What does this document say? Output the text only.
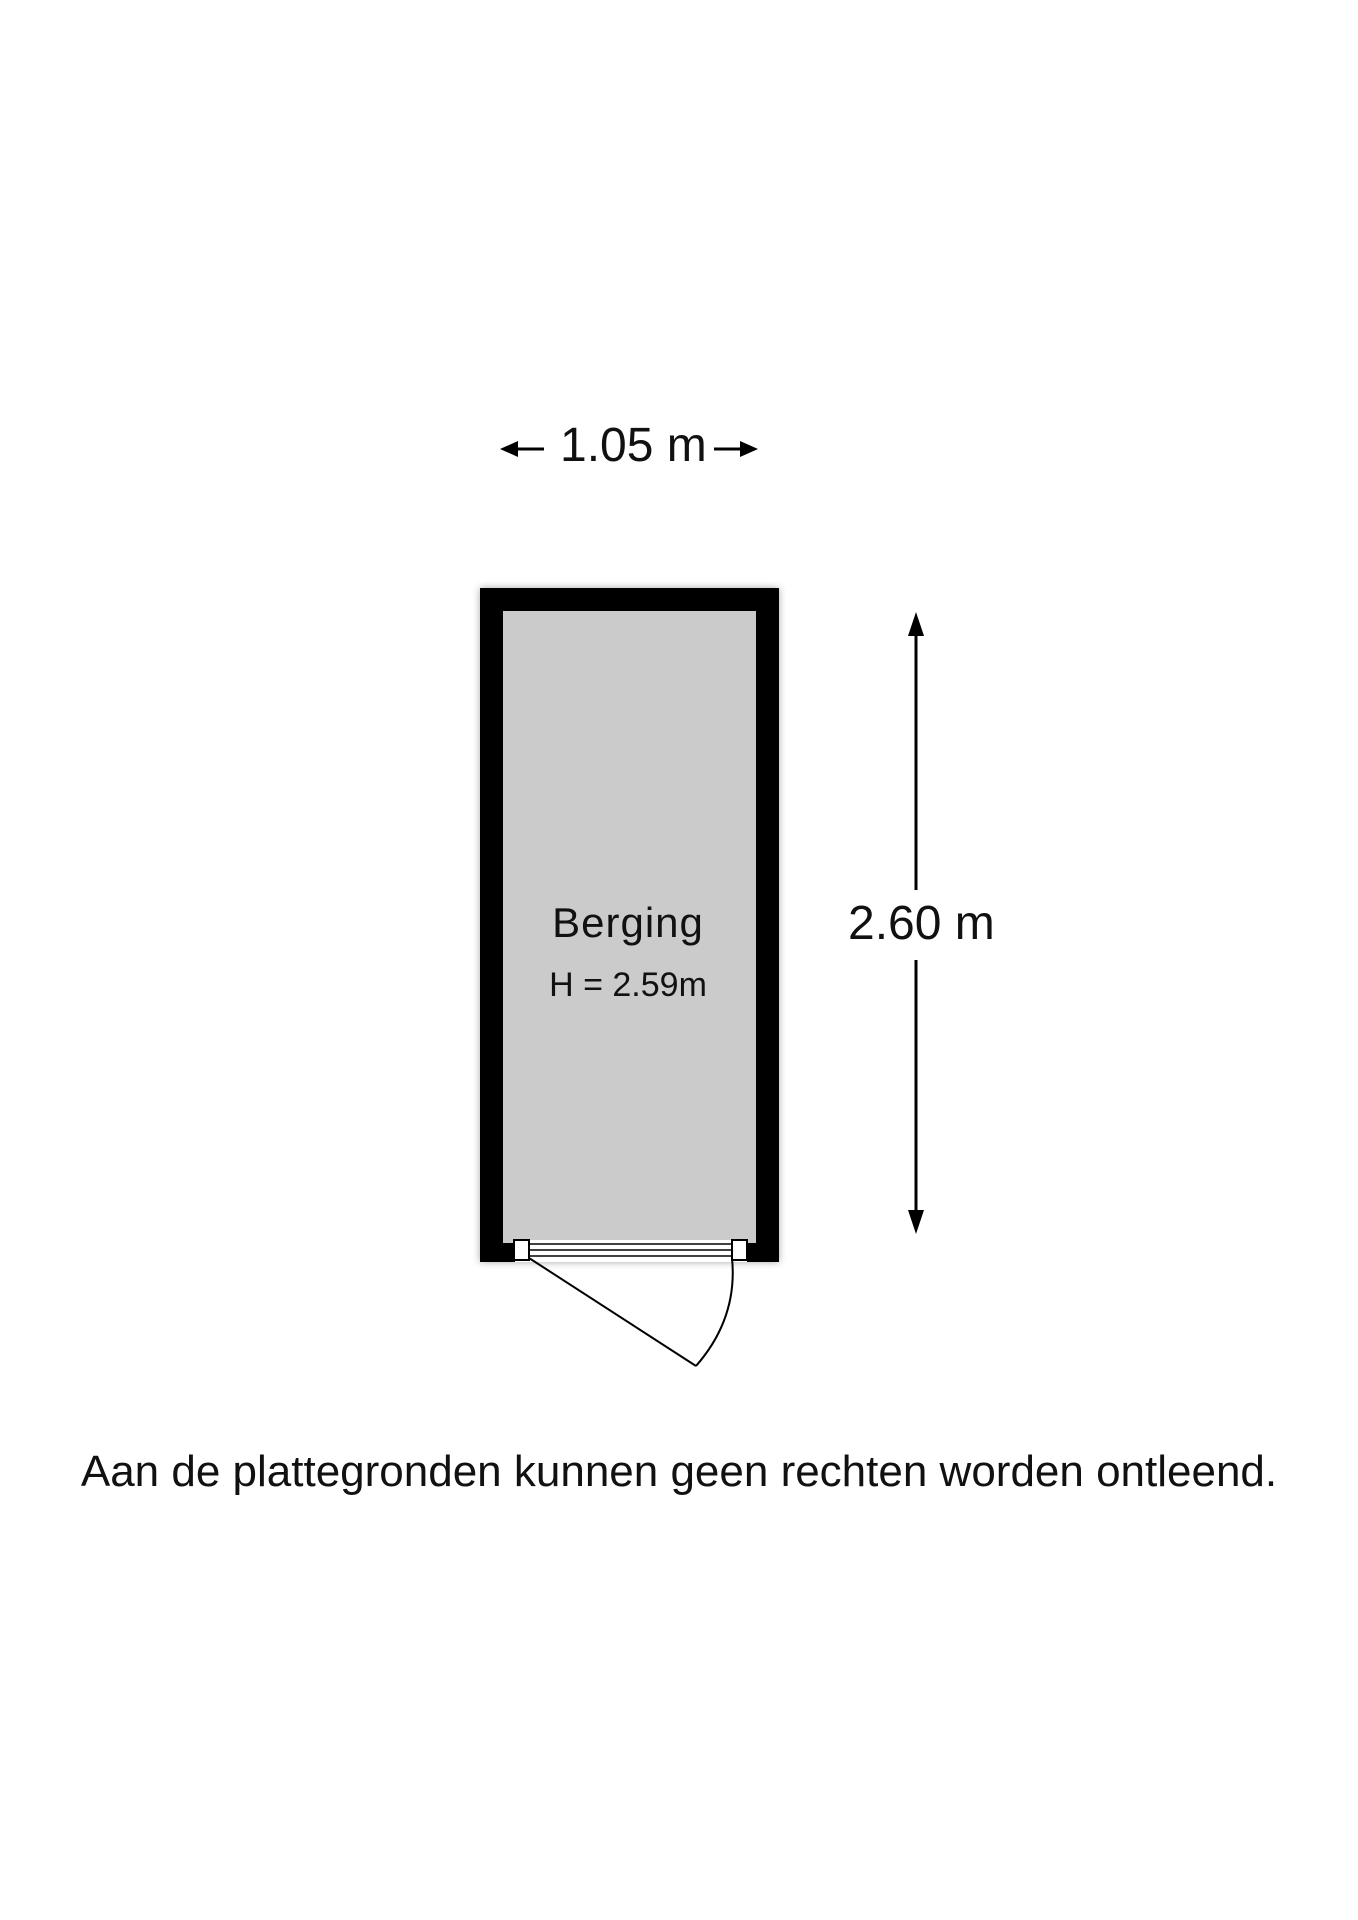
1.05 m
2.60 m
Berging
H = 2.59m
Aan de plattegronden kunnen geen rechten worden ontleend.
